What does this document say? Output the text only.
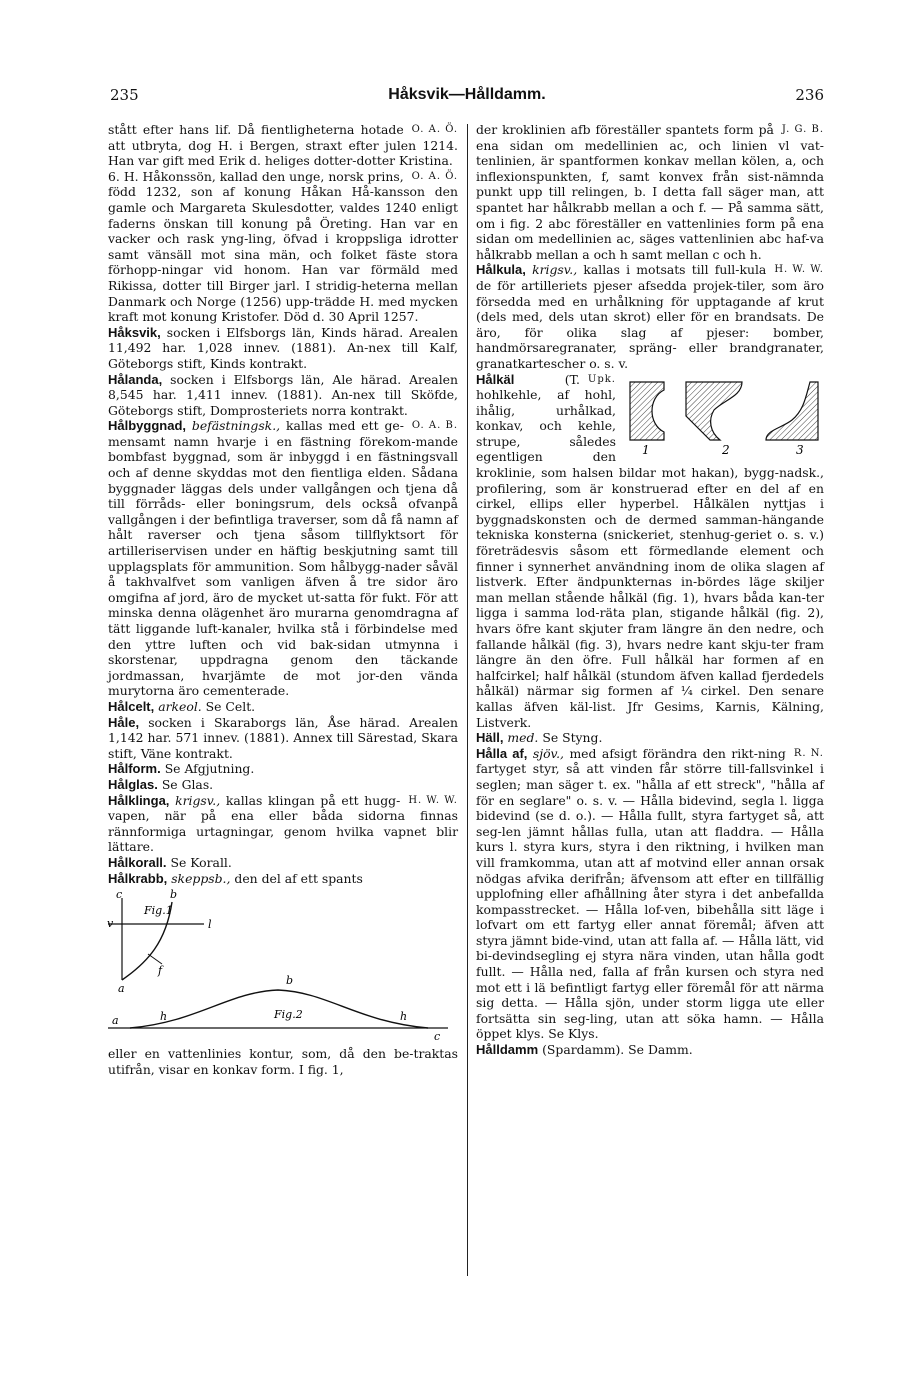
235	Håksvik—Hålldamm.	236

O. A. Ö.
stått efter hans lif. Då fientligheterna hotade att utbryta, dog H. i Bergen, straxt efter julen 1214. Han var gift med Erik d. heliges dotter-dotter Kristina.

O. A. Ö.
6. H. Håkonssön, kallad den unge, norsk prins, född 1232, son af konung Håkan Hå-kansson den gamle och Margareta Skulesdotter, valdes 1240 enligt faderns önskan till konung på Öreting. Han var en vacker och rask yng-ling, öfvad i kroppsliga idrotter samt vänsäll mot sina män, och folket fäste stora förhopp-ningar vid honom. Han var förmäld med Rikissa, dotter till Birger jarl. I stridig-heterna mellan Danmark och Norge (1256) upp-trädde H. med mycken kraft mot konung Kristofer. Död d. 30 April 1257.

Håksvik, socken i Elfsborgs län, Kinds härad. Arealen 11,492 har. 1,028 innev. (1881). An-nex till Kalf, Göteborgs stift, Kinds kontrakt.

Hålanda, socken i Elfsborgs län, Ale härad. Arealen 8,545 har. 1,411 innev. (1881). An-nex till Sköfde, Göteborgs stift, Domprosteriets norra kontrakt.

O. A. B.
Hålbyggnad, befästningsk., kallas med ett ge-mensamt namn hvarje i en fästning förekom-mande bombfast byggnad, som är inbyggd i en fästningsvall och af denne skyddas mot den fientliga elden. Sådana byggnader läggas dels under vallgången och tjena då till förråds- eller boningsrum, dels också ofvanpå vallgången i der befintliga traverser, som då få namn af hålt raverser och tjena såsom tillflyktsort för artilleriservisen under en häftig beskjutning samt till upplagsplats för ammunition. Som hålbygg-nader såväl å takhvalfvet som vanligen äfven å tre sidor äro omgifna af jord, äro de mycket ut-satta för fukt. För att minska denna olägenhet äro murarna genomdragna af tätt liggande luft-kanaler, hvilka stå i förbindelse med den yttre luften och vid bak-sidan utmynna i skorstenar, uppdragna genom den täckande jordmassan, hvarjämte de mot jor-den vända murytorna äro cementerade.

Hålcelt, arkeol. Se Celt.

Håle, socken i Skaraborgs län, Åse härad. Arealen 1,142 har. 571 innev. (1881). Annex till Särestad, Skara stift, Väne kontrakt.

Hålform. Se Afgjutning.

Hålglas. Se Glas.

H. W. W.
Hålklinga, krigsv., kallas klingan på ett hugg-vapen, när på ena eller båda sidorna finnas rännformiga urtagningar, genom hvilka vapnet blir lättare.

Hålkorall. Se Korall.

Hålkrabb, skeppsb., den del af ett spants

c	b
v	l
f
a
Fig.1
a	h
b
h
c
Fig.2

eller en vattenlinies kontur, som, då den be-traktas utifrån, visar en konkav form. I fig. 1,

J. G. B.
der kroklinien afb föreställer spantets form på ena sidan om medellinien ac, och linien vl vat-tenlinien, är spantformen konkav mellan kölen, a, och inflexionspunkten, f, samt konvex från sist-nämnda punkt upp till relingen, b. I detta fall säger man, att spantet har hålkrabb mellan a och f. — På samma sätt, om i fig. 2 abc föreställer en vattenlinies form på ena sidan om medellinien ac, säges vattenlinien abc haf-va hålkrabb mellan a och h samt mellan c och h.

H. W. W.
Hålkula, krigsv., kallas i motsats till full-kula de för artilleriets pjeser afsedda projek-tiler, som äro försedda med en urhålkning för upptagande af krut (dels med, dels utan skrot) eller för en brandsats. De äro, för olika slag af pjeser: bomber, handmörsaregranater, spräng- eller brandgranater, granatkartescher o. s. v.

1	2	3

Upk.
Hålkäl	(T. hohlkehle, af hohl, ihålig, urhålkad, konkav, och kehle, strupe, således egentligen den kroklinie, som halsen bildar mot hakan), bygg-nadsk., profilering, som är konstruerad efter en del af en cirkel, ellips eller hyperbel. Hålkälen nyttjas i byggnadskonsten och de dermed samman-hängande tekniska konsterna (snickeriet, stenhug-geriet o. s. v.) företrädesvis såsom ett förmedlande element och finner i synnerhet användning inom de olika slagen af listverk. Efter ändpunkternas in-bördes läge skiljer man mellan stående hålkäl (fig. 1), hvars båda kan-ter ligga i samma lod-räta plan, stigande hålkäl (fig. 2), hvars öfre kant skjuter fram längre än den nedre, och fallande hålkäl (fig. 3), hvars nedre kant skju-ter fram längre än den öfre. Full hålkäl har formen af en halfcirkel; half hålkäl (stundom äfven kallad fjerdedels hålkäl) närmar sig formen af ¼ cirkel. Den senare kallas äfven käl-list. Jfr Gesims, Karnis, Kälning, Listverk.

Häll, med. Se Styng.

R. N.
Hålla af, sjöv., med afsigt förändra den rikt-ning fartyget styr, så att vinden får större till-fallsvinkel i seglen; man säger t. ex. "hålla af ett streck", "hålla af för en seglare" o. s. v. — Hålla bidevind, segla l. ligga bidevind (se d. o.). — Hålla fullt, styra fartyget så, att seg-len jämnt hållas fulla, utan att fladdra. — Hålla kurs l. styra kurs, styra i den riktning, i hvilken man vill framkomma, utan att af motvind eller annan orsak nödgas afvika derifrån; äfvensom att efter en tillfällig upplofning eller afhållning åter styra i det anbefallda kompasstrecket. — Hålla lof-ven, bibehålla sitt läge i lofvart om ett fartyg eller annat föremål; äfven att styra jämnt bide-vind, utan att falla af. — Hålla lätt, vid bi-devindsegling ej styra nära vinden, utan hålla godt fullt. — Hålla ned, falla af från kursen och styra ned mot ett i lä befintligt fartyg eller föremål för att närma sig detta. — Hålla sjön, under storm ligga ute eller fortsätta sin seg-ling, utan att söka hamn. — Hålla öppet klys. Se Klys.

Hålldamm (Spardamm). Se Damm.
